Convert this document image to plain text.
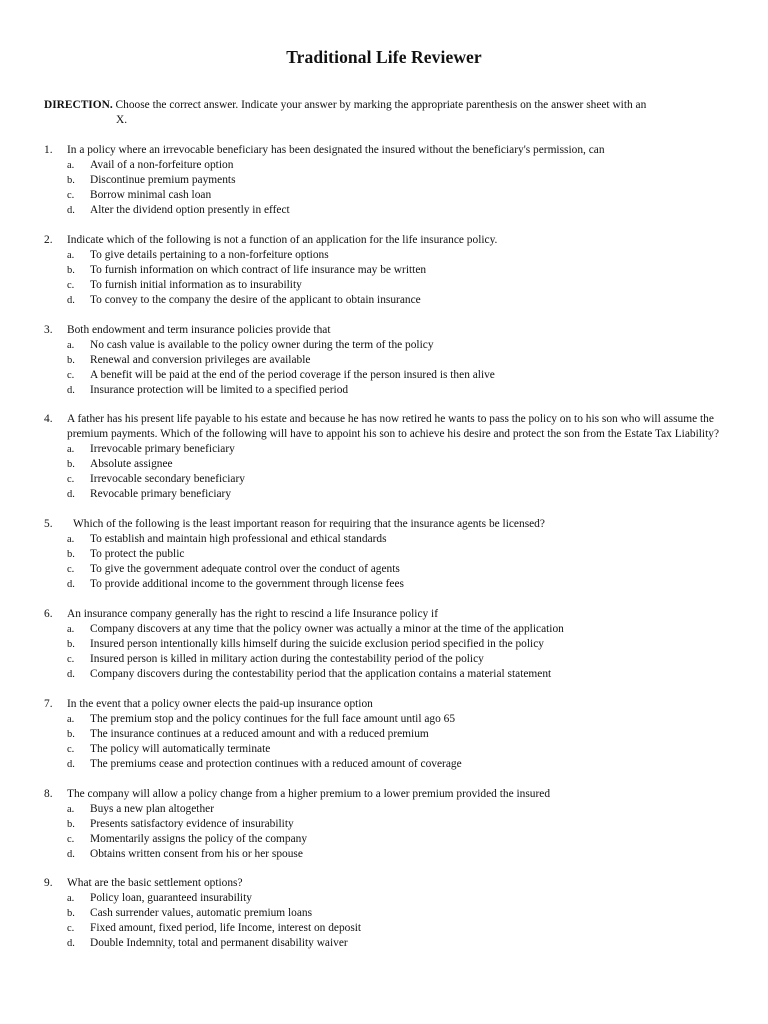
Traditional Life Reviewer
DIRECTION. Choose the correct answer. Indicate your answer by marking the appropriate parenthesis on the answer sheet with an
X.
1.	In a policy where an irrevocable beneficiary has been designated the insured without the beneficiary's permission, can
a.	Avail of a non-forfeiture option
b.	Discontinue premium payments
c.	Borrow minimal cash loan
d.	Alter the dividend option presently in effect
2.	Indicate which of the following is not a function of an application for the life insurance policy.
a.	To give details pertaining to a non-forfeiture options
b.	To furnish information on which contract of life insurance may be written
c.	To furnish initial information as to insurability
d.	To convey to the company the desire of the applicant to obtain insurance
3.	Both endowment and term insurance policies provide that
a.	No cash value is available to the policy owner during the term of the policy
b.	Renewal and conversion privileges are available
c.	A benefit will be paid at the end of the period coverage if the person insured is then alive
d.	Insurance protection will be limited to a specified period
4.	A father has his present life payable to his estate and because he has now retired he wants to pass the policy on to his son who will assume the premium payments. Which of the following will have to appoint his son to achieve his desire and protect the son from the Estate Tax Liability?
a.	Irrevocable primary beneficiary
b.	Absolute assignee
c.	Irrevocable secondary beneficiary
d.	Revocable primary beneficiary
5.	Which of the following is the least important reason for requiring that the insurance agents be licensed?
a.	To establish and maintain high professional and ethical standards
b.	To protect the public
c.	To give the government adequate control over the conduct of agents
d.	To provide additional income to the government through license fees
6.	An insurance company generally has the right to rescind a life Insurance policy if
a.	Company discovers at any time that the policy owner was actually a minor at the time of the application
b.	Insured person intentionally kills himself during the suicide exclusion period specified in the policy
c.	Insured person is killed in military action during the contestability period of the policy
d.	Company discovers during the contestability period that the application contains a material statement
7.	In the event that a policy owner elects the paid-up insurance option
a.	The premium stop and the policy continues for the full face amount until ago 65
b.	The insurance continues at a reduced amount and with a reduced premium
c.	The policy will automatically terminate
d.	The premiums cease and protection continues with a reduced amount of coverage
8.	The company will allow a policy change from a higher premium to a lower premium provided the insured
a.	Buys a new plan altogether
b.	Presents satisfactory evidence of insurability
c.	Momentarily assigns the policy of the company
d.	Obtains written consent from his or her spouse
9.	What are the basic settlement options?
a.	Policy loan, guaranteed insurability
b.	Cash surrender values, automatic premium loans
c.	Fixed amount, fixed period, life Income, interest on deposit
d.	Double Indemnity, total and permanent disability waiver
